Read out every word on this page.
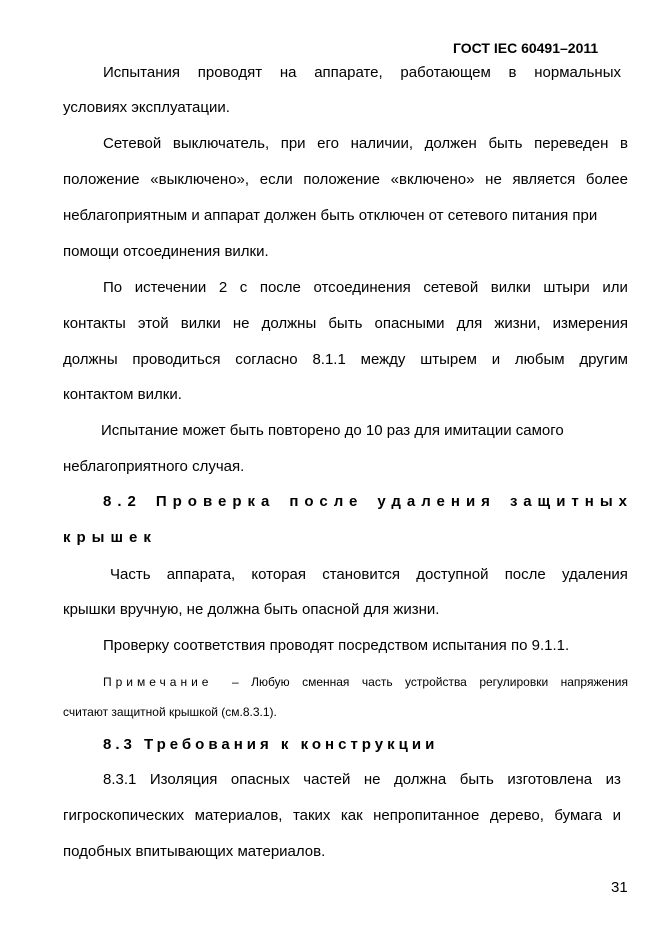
ГОСТ IEC 60491–2011
Испытания проводят на аппарате, работающем в нормальных
условиях эксплуатации.
Сетевой выключатель, при его наличии, должен быть переведен в
положение «выключено», если положение «включено» не является более
неблагоприятным и аппарат должен быть отключен от сетевого питания при
помощи отсоединения вилки.
По истечении 2 с после отсоединения сетевой вилки штыри или
контакты этой вилки не должны быть опасными для жизни, измерения
должны проводиться согласно 8.1.1 между штырем и любым другим
контактом вилки.
Испытание может быть повторено до 10 раз для имитации самого
неблагоприятного случая.
8.2 Проверка после удаления защитных
крышек
Часть аппарата, которая становится доступной после удаления
крышки вручную, не должна быть опасной для жизни.
Проверку соответствия проводят посредством испытания по 9.1.1.
Примечание – Любую сменная часть устройства регулировки напряжения
считают защитной крышкой (см.8.3.1).
8.3 Требования к конструкции
8.3.1 Изоляция опасных частей не должна быть изготовлена из
гигроскопических материалов, таких как непропитанное дерево, бумага и
подобных впитывающих материалов.
31
